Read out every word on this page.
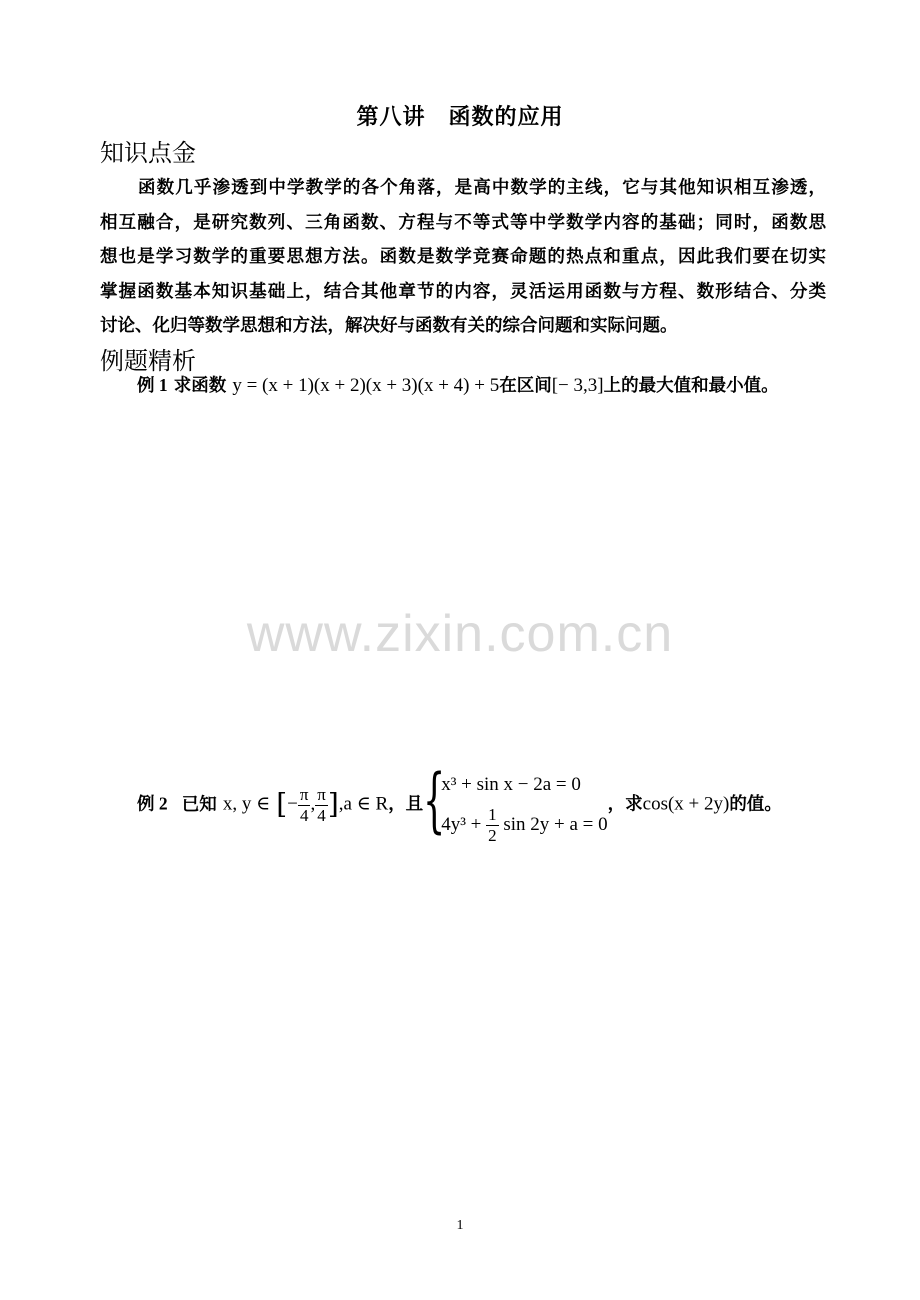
第八讲　函数的应用
知识点金
函数几乎渗透到中学教学的各个角落，是高中数学的主线，它与其他知识相互渗透，
相互融合，是研究数列、三角函数、方程与不等式等中学数学内容的基础；同时，函数思
想也是学习数学的重要思想方法。函数是数学竞赛命题的热点和重点，因此我们要在切实
掌握函数基本知识基础上，结合其他章节的内容，灵活运用函数与方程、数形结合、分类
讨论、化归等数学思想和方法，解决好与函数有关的综合问题和实际问题。
例题精析
例 1 求函数 y = (x + 1)(x + 2)(x + 3)(x + 4) + 5在区间[− 3,3]上的最大值和最小值。
www.zixin.com.cn
例 2 已知 x, y ∈ [− $\frac{\pi}{4}$ , $\frac{\pi}{4} ],a$ ∈ R，且 {
x³ + sin x − 2a = 0
$4y^3 + \frac{1}{2}$ sin 2y + a = 0
，求cos(x + 2y)的值。
1
